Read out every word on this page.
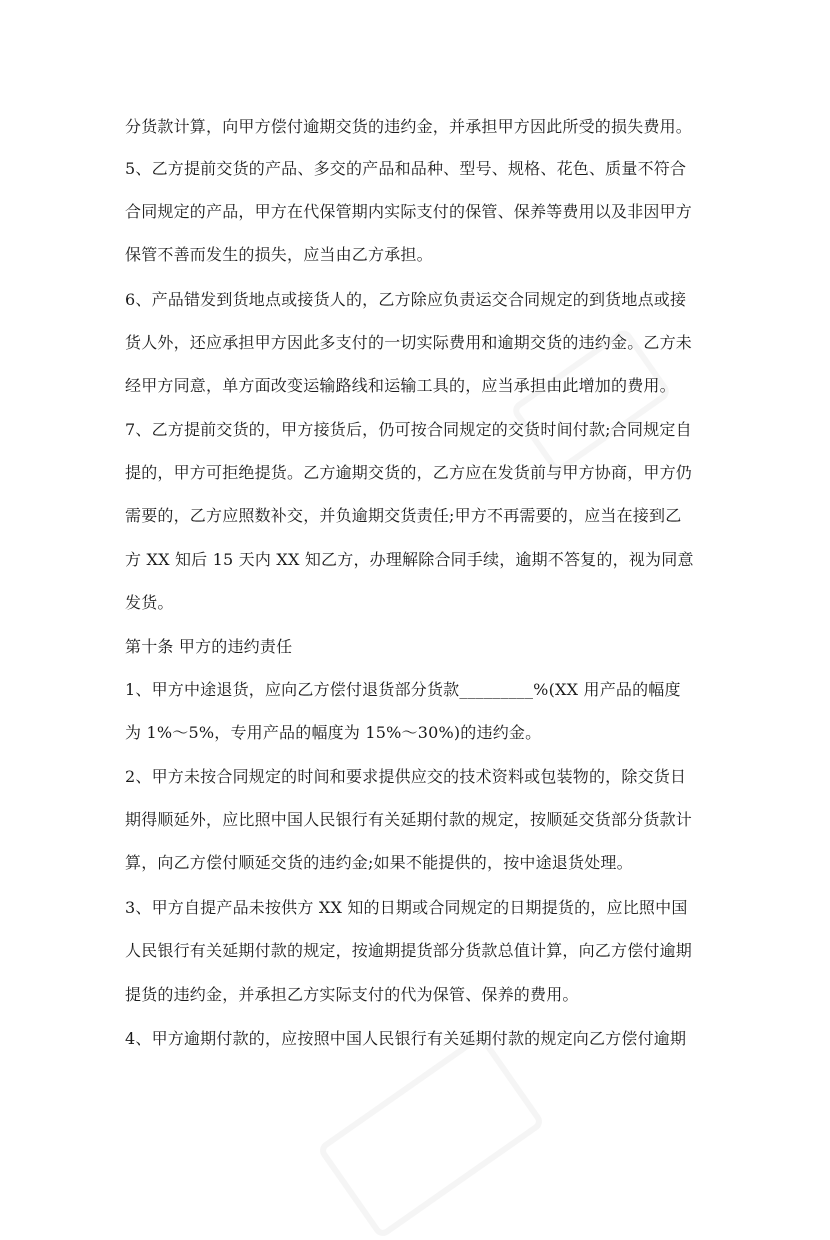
分货款计算，向甲方偿付逾期交货的违约金，并承担甲方因此所受的损失费用。
5、乙方提前交货的产品、多交的产品和品种、型号、规格、花色、质量不符合
合同规定的产品，甲方在代保管期内实际支付的保管、保养等费用以及非因甲方
保管不善而发生的损失，应当由乙方承担。
6、产品错发到货地点或接货人的，乙方除应负责运交合同规定的到货地点或接
货人外，还应承担甲方因此多支付的一切实际费用和逾期交货的违约金。乙方未
经甲方同意，单方面改变运输路线和运输工具的，应当承担由此增加的费用。
7、乙方提前交货的，甲方接货后，仍可按合同规定的交货时间付款;合同规定自
提的，甲方可拒绝提货。乙方逾期交货的，乙方应在发货前与甲方协商，甲方仍
需要的，乙方应照数补交，并负逾期交货责任;甲方不再需要的，应当在接到乙
方 XX 知后 15 天内 XX 知乙方，办理解除合同手续，逾期不答复的，视为同意
发货。
第十条 甲方的违约责任
1、甲方中途退货，应向乙方偿付退货部分货款_________%(XX 用产品的幅度
为 1%～5%，专用产品的幅度为 15%～30%)的违约金。
2、甲方未按合同规定的时间和要求提供应交的技术资料或包装物的，除交货日
期得顺延外，应比照中国人民银行有关延期付款的规定，按顺延交货部分货款计
算，向乙方偿付顺延交货的违约金;如果不能提供的，按中途退货处理。
3、甲方自提产品未按供方 XX 知的日期或合同规定的日期提货的，应比照中国
人民银行有关延期付款的规定，按逾期提货部分货款总值计算，向乙方偿付逾期
提货的违约金，并承担乙方实际支付的代为保管、保养的费用。
4、甲方逾期付款的，应按照中国人民银行有关延期付款的规定向乙方偿付逾期
